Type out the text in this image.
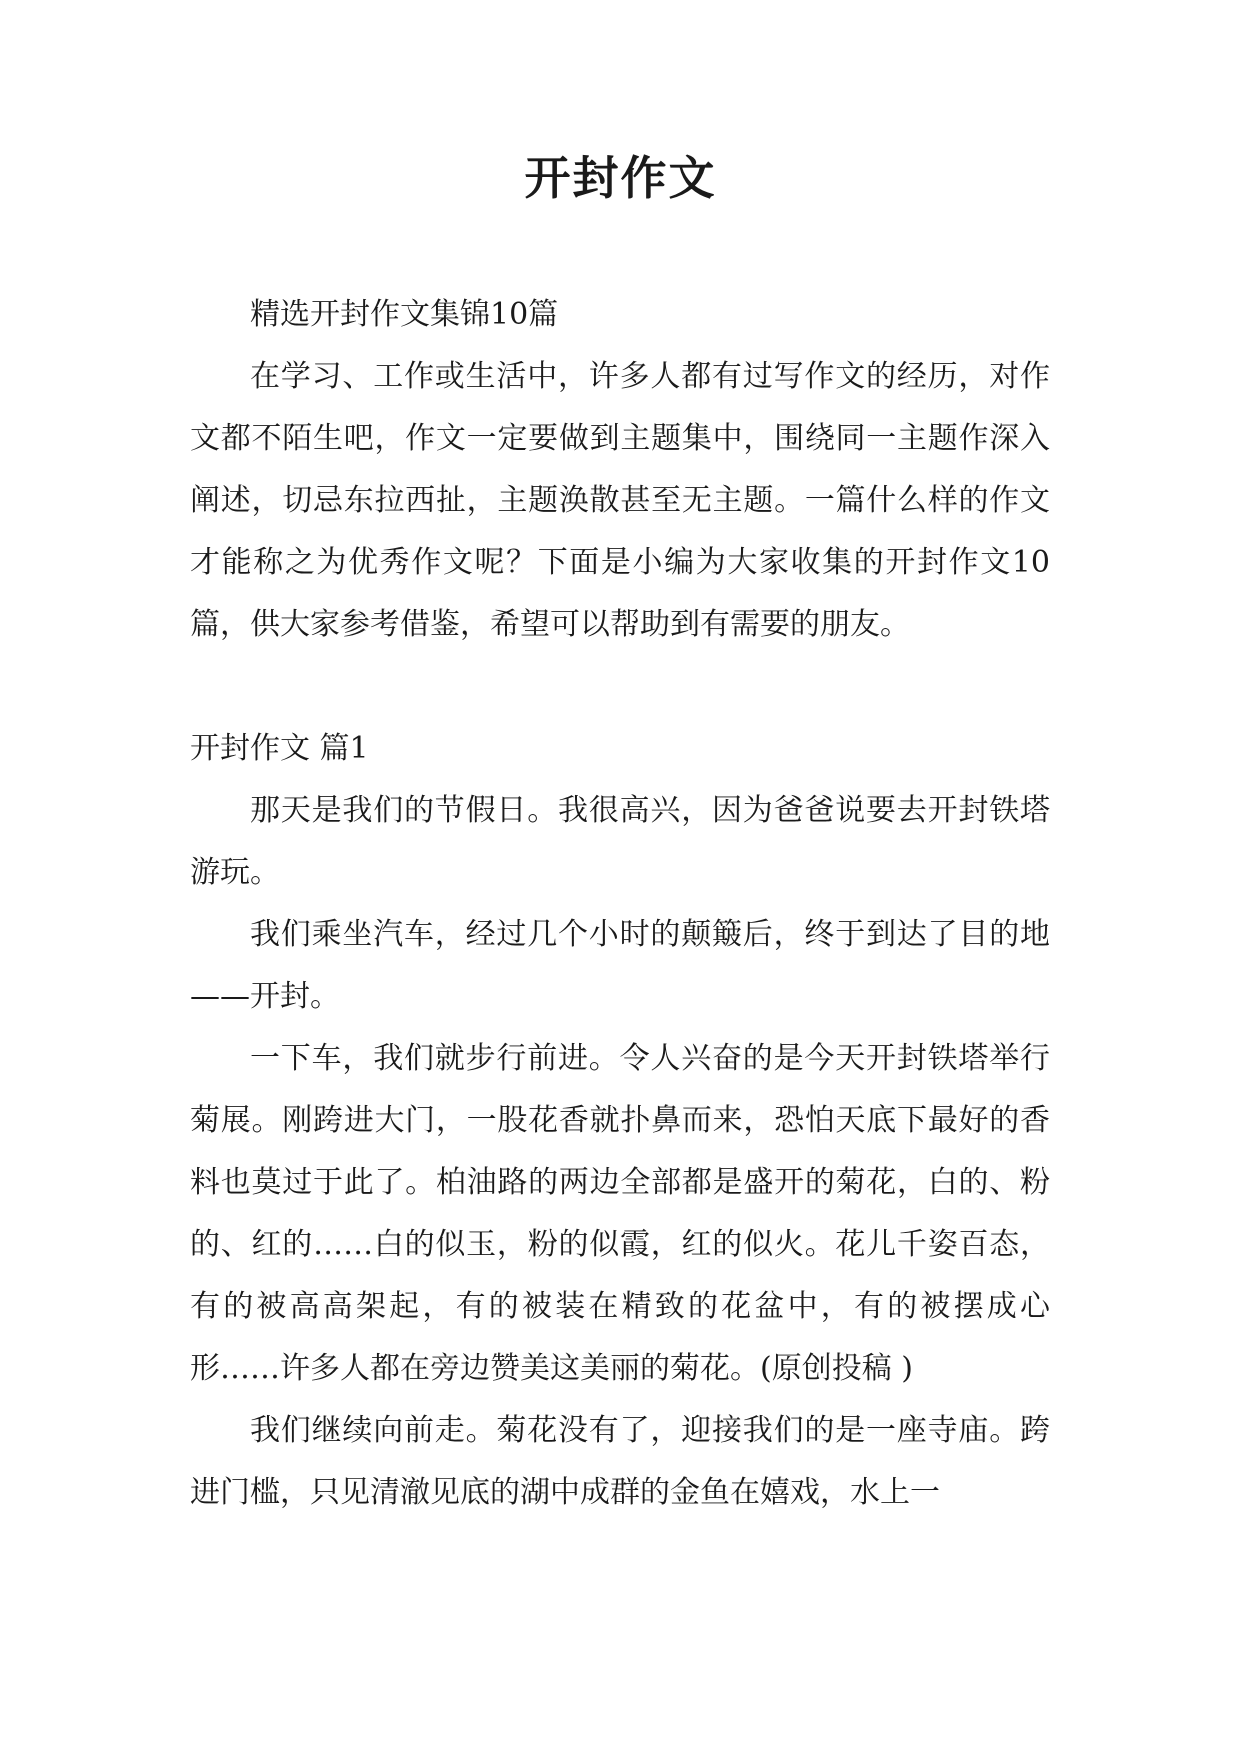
开封作文

精选开封作文集锦10篇

在学习、工作或生活中，许多人都有过写作文的经历，对作文都不陌生吧，作文一定要做到主题集中，围绕同一主题作深入阐述，切忌东拉西扯，主题涣散甚至无主题。一篇什么样的作文才能称之为优秀作文呢？下面是小编为大家收集的开封作文10篇，供大家参考借鉴，希望可以帮助到有需要的朋友。

开封作文 篇1

那天是我们的节假日。我很高兴，因为爸爸说要去开封铁塔游玩。

我们乘坐汽车，经过几个小时的颠簸后，终于到达了目的地——开封。

一下车，我们就步行前进。令人兴奋的是今天开封铁塔举行菊展。刚跨进大门，一股花香就扑鼻而来，恐怕天底下最好的香料也莫过于此了。柏油路的两边全部都是盛开的菊花，白的、粉的、红的……白的似玉，粉的似霞，红的似火。花儿千姿百态，有的被高高架起，有的被装在精致的花盆中，有的被摆成心形……许多人都在旁边赞美这美丽的菊花。(原创投稿 )

我们继续向前走。菊花没有了，迎接我们的是一座寺庙。跨进门槛，只见清澈见底的湖中成群的金鱼在嬉戏，水上一
